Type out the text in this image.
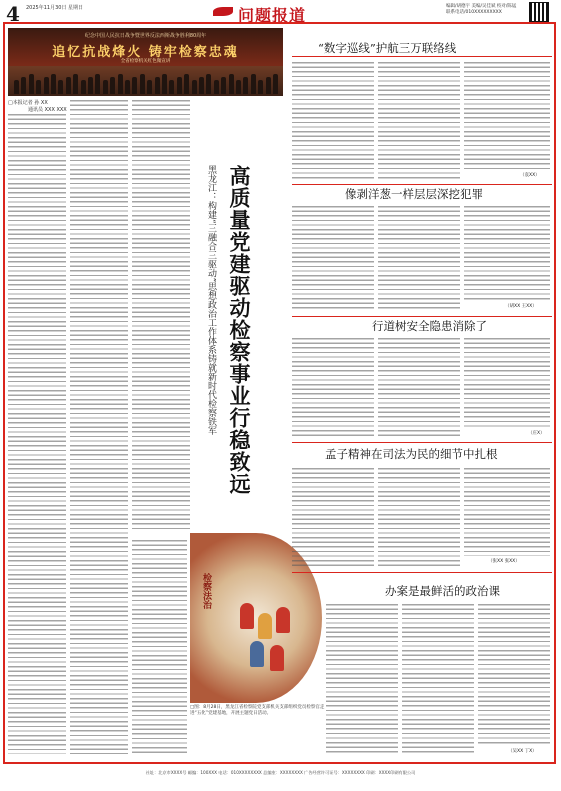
4 2025年11月30日 星期日	问题报道	编辑/胡德宇 美编/吴佳斌 校对/陈锰
联系电话/010XXXXXXXXX
纪念中国人民抗日战争暨世界反法西斯战争胜利80周年
追忆抗战烽火 铸牢检察忠魂
全省检察机关红色微宣讲
□本报记者 孙 XX
通讯员 XXX XXX
高质量党建驱动检察事业行稳致远
黑龙江：构建“三融合三驱动”思想政治工作体系铸就新时代检察铁军
检察法治
□图：8月28日，黑龙江省检察院党支部机关支部组织党员检察官走进“五化”党建基地，开展主题党日活动。
“数字巡线”护航三万联络线
（袁XX）
像剥洋葱一样层层深挖犯罪
（胡XX 王XX）
行道树安全隐患消除了
（庄X）
孟子精神在司法为民的细节中扎根
（张XX 张XX）
办案是最鲜活的政治课
（吴XX 丁X）
社址：北京市XXXX号 邮编：100XXX 电话：010XXXXXXXX 总编室：XXXXXXXX 广告经营许可证号：XXXXXXXX 印刷：XXXX印刷有限公司
